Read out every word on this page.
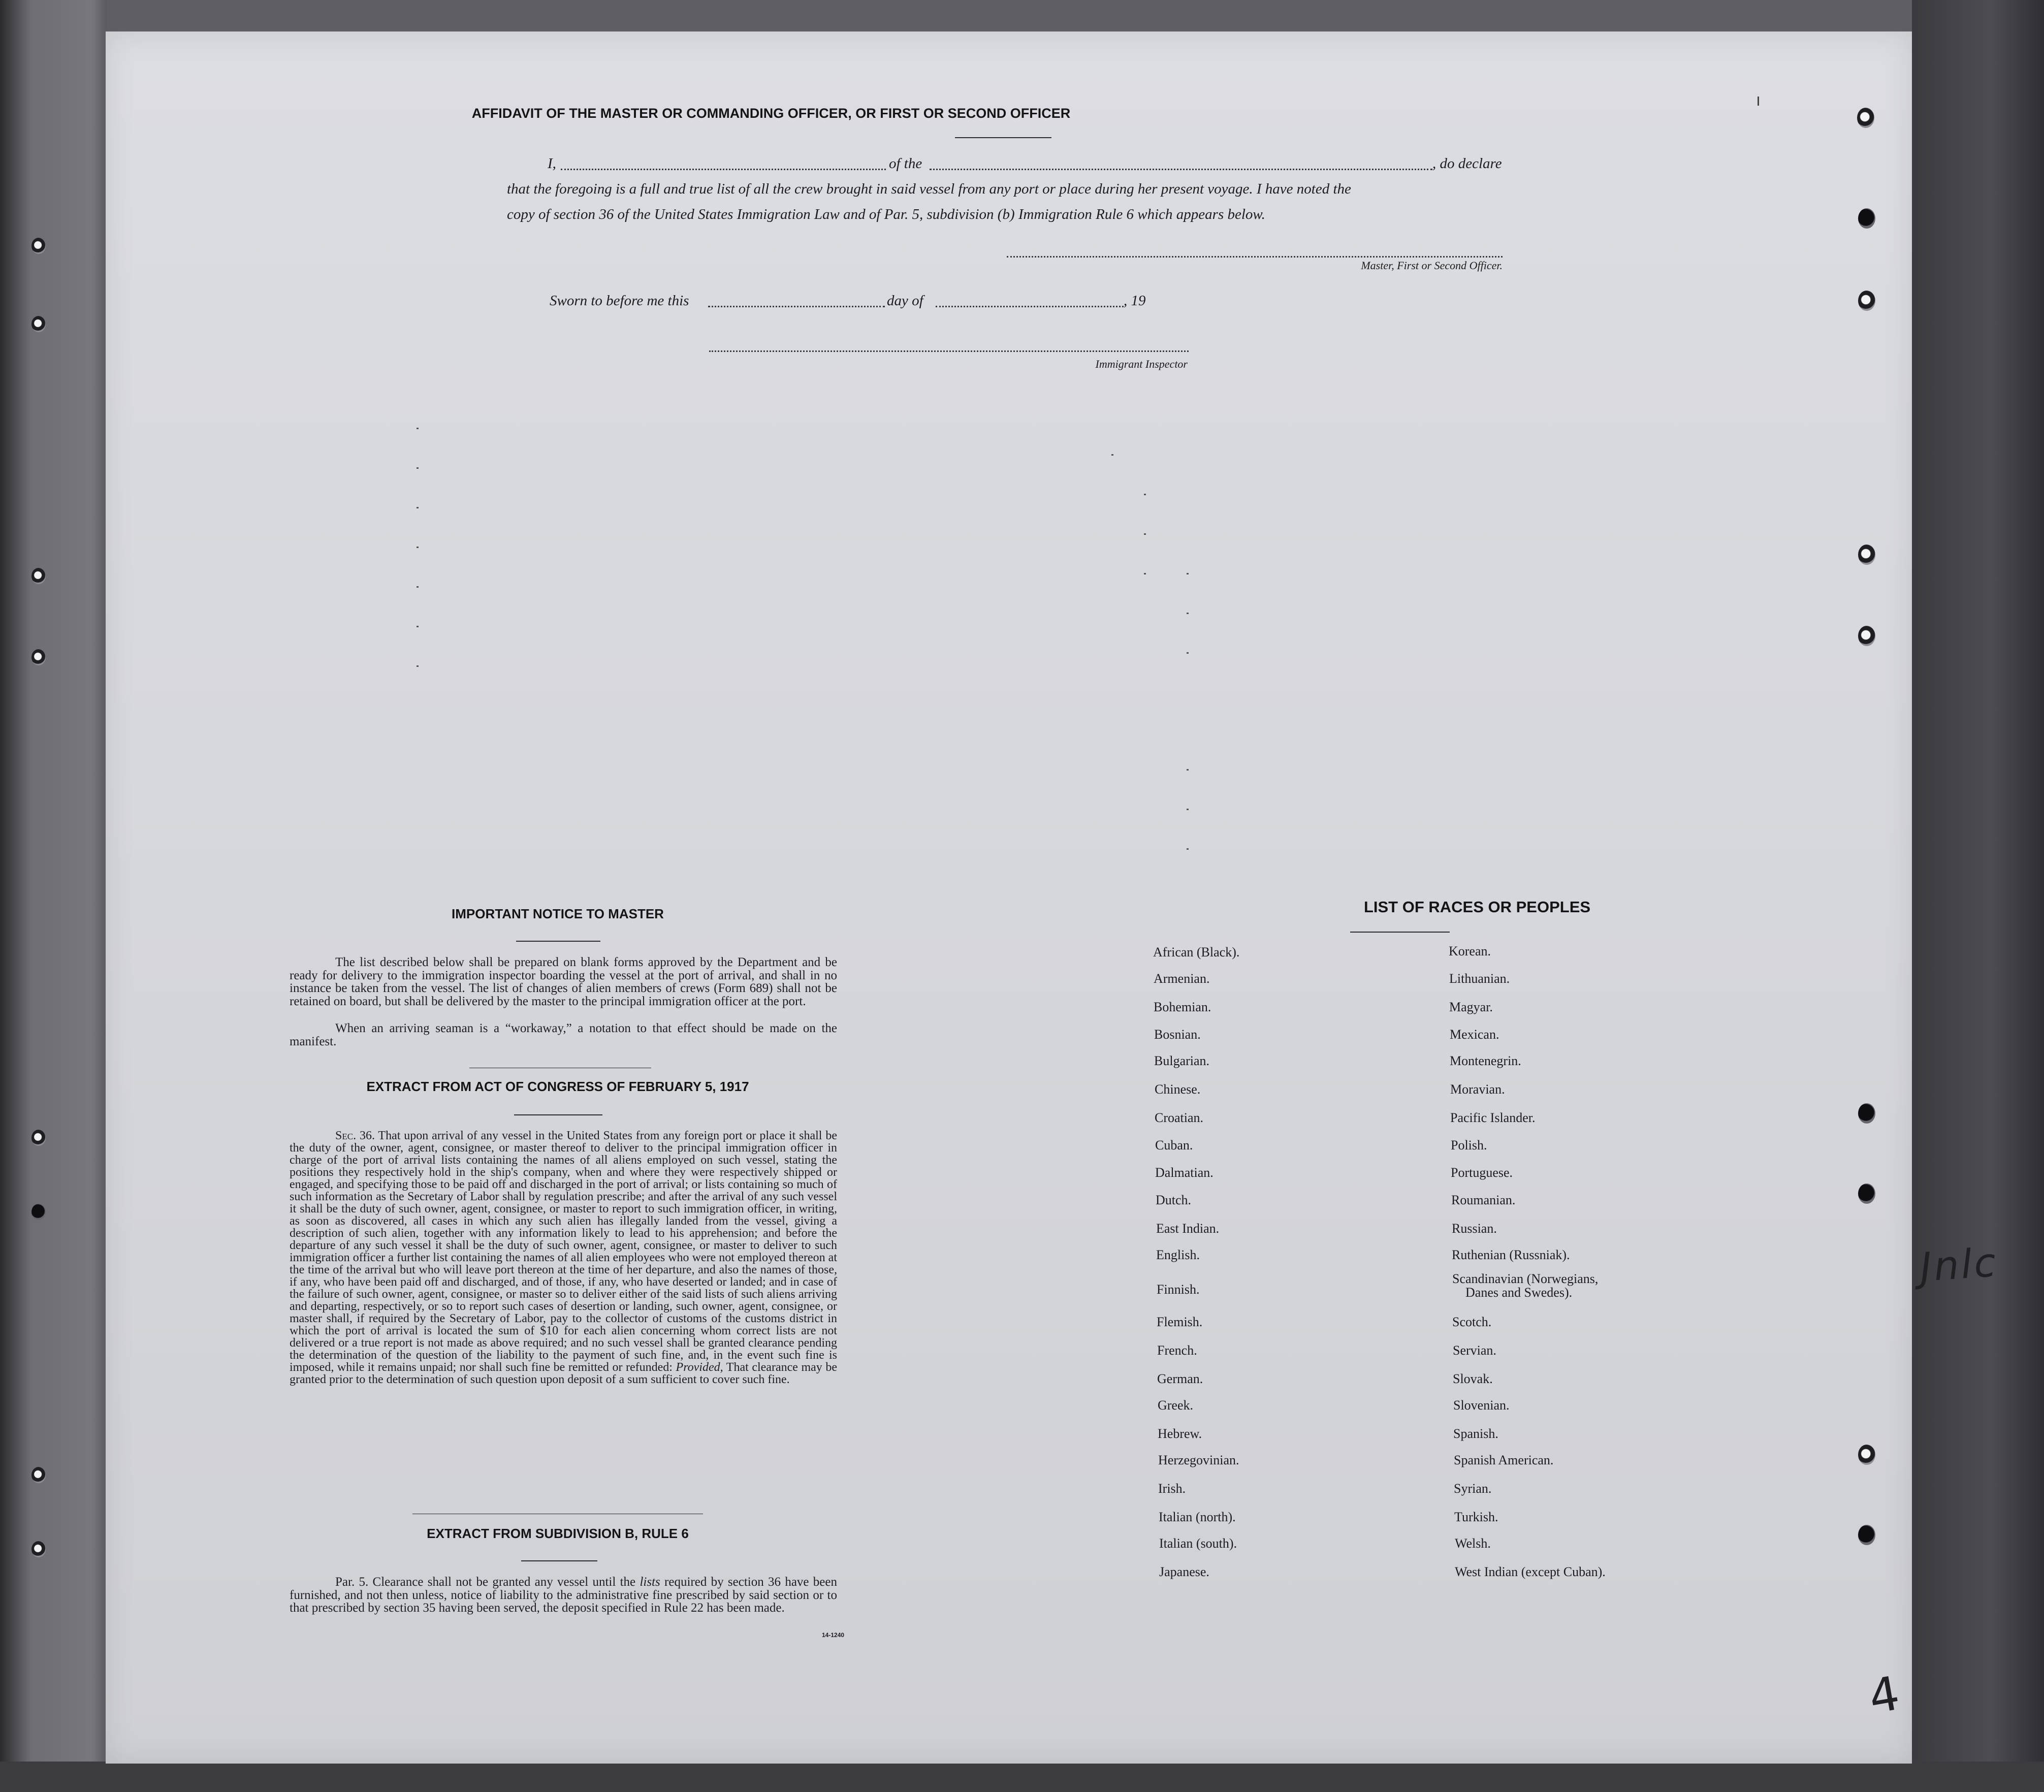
AFFIDAVIT OF THE MASTER OR COMMANDING OFFICER, OR FIRST OR SECOND OFFICER
I,	of the	, do declare
that the foregoing is a full and true list of all the crew brought in said vessel from any port or place during her present voyage. I have noted the
copy of section 36 of the United States Immigration Law and of Par. 5, subdivision (b) Immigration Rule 6 which appears below.
Master, First or Second Officer.
Sworn to before me this	day of	, 19
Immigrant Inspector
IMPORTANT NOTICE TO MASTER
The list described below shall be prepared on blank forms approved by the Department and be ready for delivery to the immigration inspector boarding the vessel at the port of arrival, and shall in no instance be taken from the vessel. The list of changes of alien members of crews (Form 689) shall not be retained on board, but shall be delivered by the master to the principal immigration officer at the port.
When an arriving seaman is a “workaway,” a notation to that effect should be made on the manifest.
EXTRACT FROM ACT OF CONGRESS OF FEBRUARY 5, 1917
Sec. 36. That upon arrival of any vessel in the United States from any foreign port or place it shall be the duty of the owner, agent, consignee, or master thereof to deliver to the principal immigration officer in charge of the port of arrival lists containing the names of all aliens employed on such vessel, stating the positions they respectively hold in the ship's company, when and where they were respectively shipped or engaged, and specifying those to be paid off and discharged in the port of arrival; or lists containing so much of such information as the Secretary of Labor shall by regulation prescribe; and after the arrival of any such vessel it shall be the duty of such owner, agent, consignee, or master to report to such immigration officer, in writing, as soon as discovered, all cases in which any such alien has illegally landed from the vessel, giving a description of such alien, together with any information likely to lead to his apprehension; and before the departure of any such vessel it shall be the duty of such owner, agent, consignee, or master to deliver to such immigration officer a further list containing the names of all alien employees who were not employed thereon at the time of the arrival but who will leave port thereon at the time of her departure, and also the names of those, if any, who have been paid off and discharged, and of those, if any, who have deserted or landed; and in case of the failure of such owner, agent, consignee, or master so to deliver either of the said lists of such aliens arriving and departing, respectively, or so to report such cases of desertion or landing, such owner, agent, consignee, or master shall, if required by the Secretary of Labor, pay to the collector of customs of the customs district in which the port of arrival is located the sum of $10 for each alien concerning whom correct lists are not delivered or a true report is not made as above required; and no such vessel shall be granted clearance pending the determination of the question of the liability to the payment of such fine, and, in the event such fine is imposed, while it remains unpaid; nor shall such fine be remitted or refunded: Provided, That clearance may be granted prior to the determination of such question upon deposit of a sum sufficient to cover such fine.
EXTRACT FROM SUBDIVISION B, RULE 6
Par. 5. Clearance shall not be granted any vessel until the lists required by section 36 have been furnished, and not then unless, notice of liability to the administrative fine prescribed by said section or to that prescribed by section 35 having been served, the deposit specified in Rule 22 has been made.
14-1240
LIST OF RACES OR PEOPLES
African (Black).
Armenian.
Bohemian.
Bosnian.
Bulgarian.
Chinese.
Croatian.
Cuban.
Dalmatian.
Dutch.
East Indian.
English.
Finnish.
Flemish.
French.
German.
Greek.
Hebrew.
Herzegovinian.
Irish.
Italian (north).
Italian (south).
Japanese.
Korean.
Lithuanian.
Magyar.
Mexican.
Montenegrin.
Moravian.
Pacific Islander.
Polish.
Portuguese.
Roumanian.
Russian.
Ruthenian (Russniak).
Scandinavian (Norwegians,
Danes and Swedes).
Scotch.
Servian.
Slovak.
Slovenian.
Spanish.
Spanish American.
Syrian.
Turkish.
Welsh.
West Indian (except Cuban).
Jnlc
4
